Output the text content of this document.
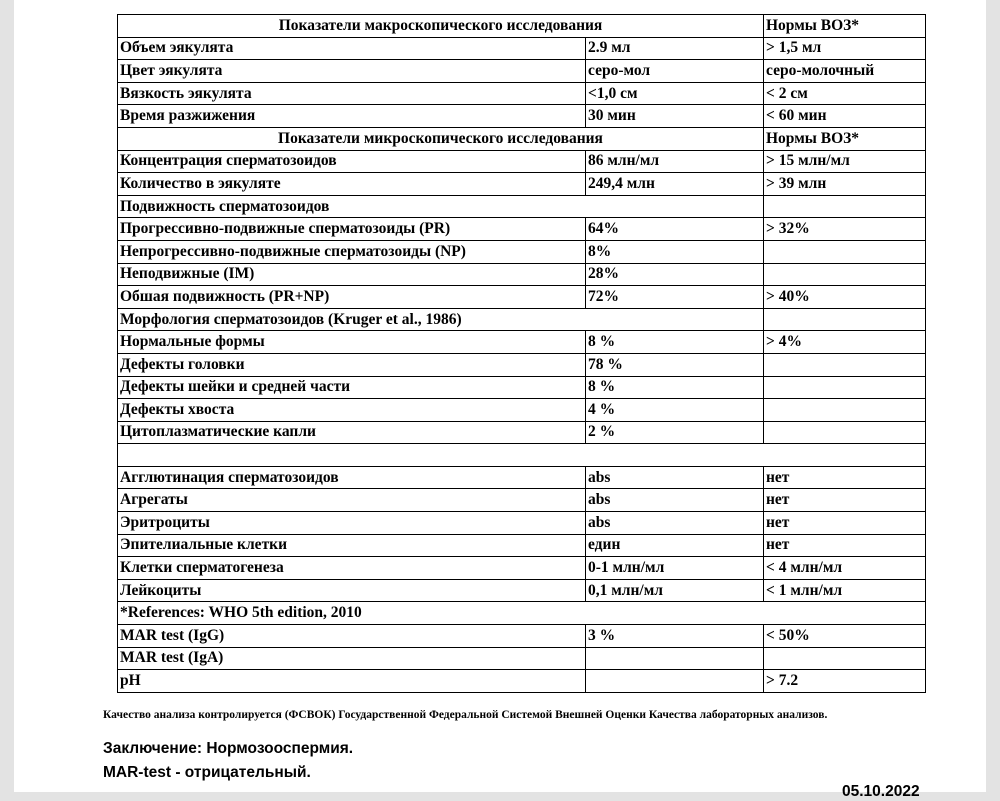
Показатели макроскопического исследования		Нормы ВОЗ*
Объем эякулята	2.9 мл	> 1,5 мл
Цвет эякулята	серо-мол	серо-молочный
Вязкость эякулята	<1,0 см	< 2 см
Время разжижения	30 мин	< 60 мин
Показатели микроскопического исследования		Нормы ВОЗ*
Концентрация сперматозоидов	86 млн/мл	> 15 млн/мл
Количество в эякуляте	249,4 млн	> 39 млн
Подвижность сперматозоидов		
Прогрессивно-подвижные сперматозоиды (PR)	64%	> 32%
Непрогрессивно-подвижные сперматозоиды (NP)	8%	
Неподвижные (IM)	28%	
Обшая подвижность (PR+NP)	72%	> 40%
Морфология сперматозоидов (Kruger et al., 1986)		
Нормальные формы	8 %	> 4%
Дефекты головки	78 %	
Дефекты шейки и средней части	8 %	
Дефекты хвоста	4 %	
Цитоплазматические капли	2 %	

Агглютинация сперматозоидов	abs	нет
Агрегаты	abs	нет
Эритроциты	abs	нет
Эпителиальные клетки	един	нет
Клетки сперматогенеза	0-1 млн/мл	< 4 млн/мл
Лейкоциты	0,1 млн/мл	< 1 млн/мл
*References: WHO 5th edition, 2010		
MAR test (IgG)	3 %	< 50%
MAR test (IgA)		
pH		> 7.2
Качество анализа контролируется (ФСВОК) Государственной Федеральной Системой Внешней Оценки Качества лабораторных анализов.
Заключение: Нормозооспермия.
MAR-test - отрицательный.
05.10.2022
